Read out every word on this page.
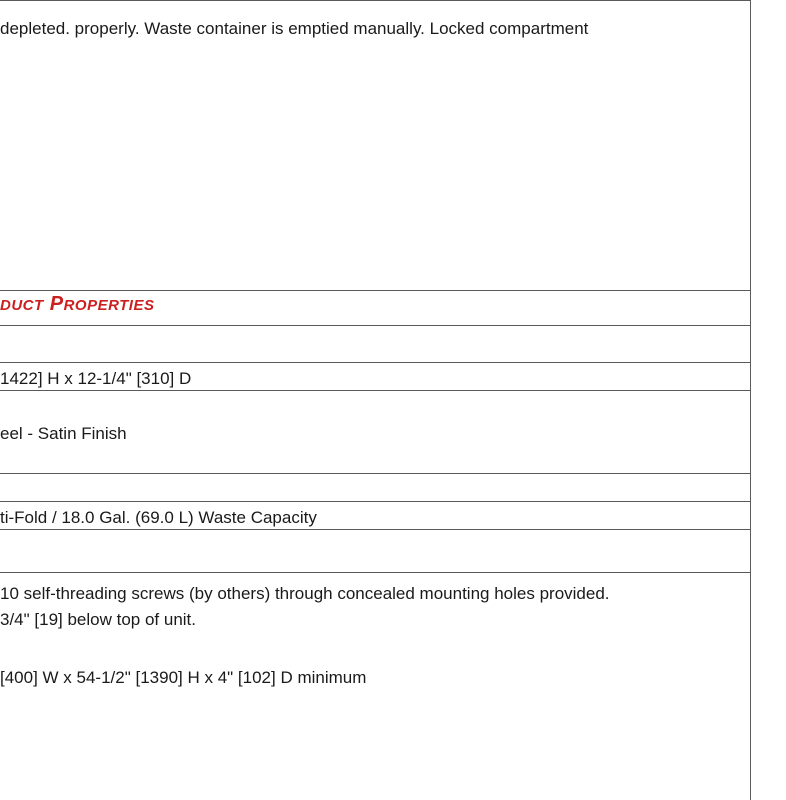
depleted. properly. Waste container is emptied manually. Locked compartment
DUCT PROPERTIES
1422] H x 12-1/4" [310] D
eel - Satin Finish
ti-Fold / 18.0 Gal. (69.0 L) Waste Capacity
10 self-threading screws (by others) through concealed mounting holes provided.
3/4" [19] below top of unit.
[400] W x 54-1/2" [1390] H x 4" [102] D minimum
